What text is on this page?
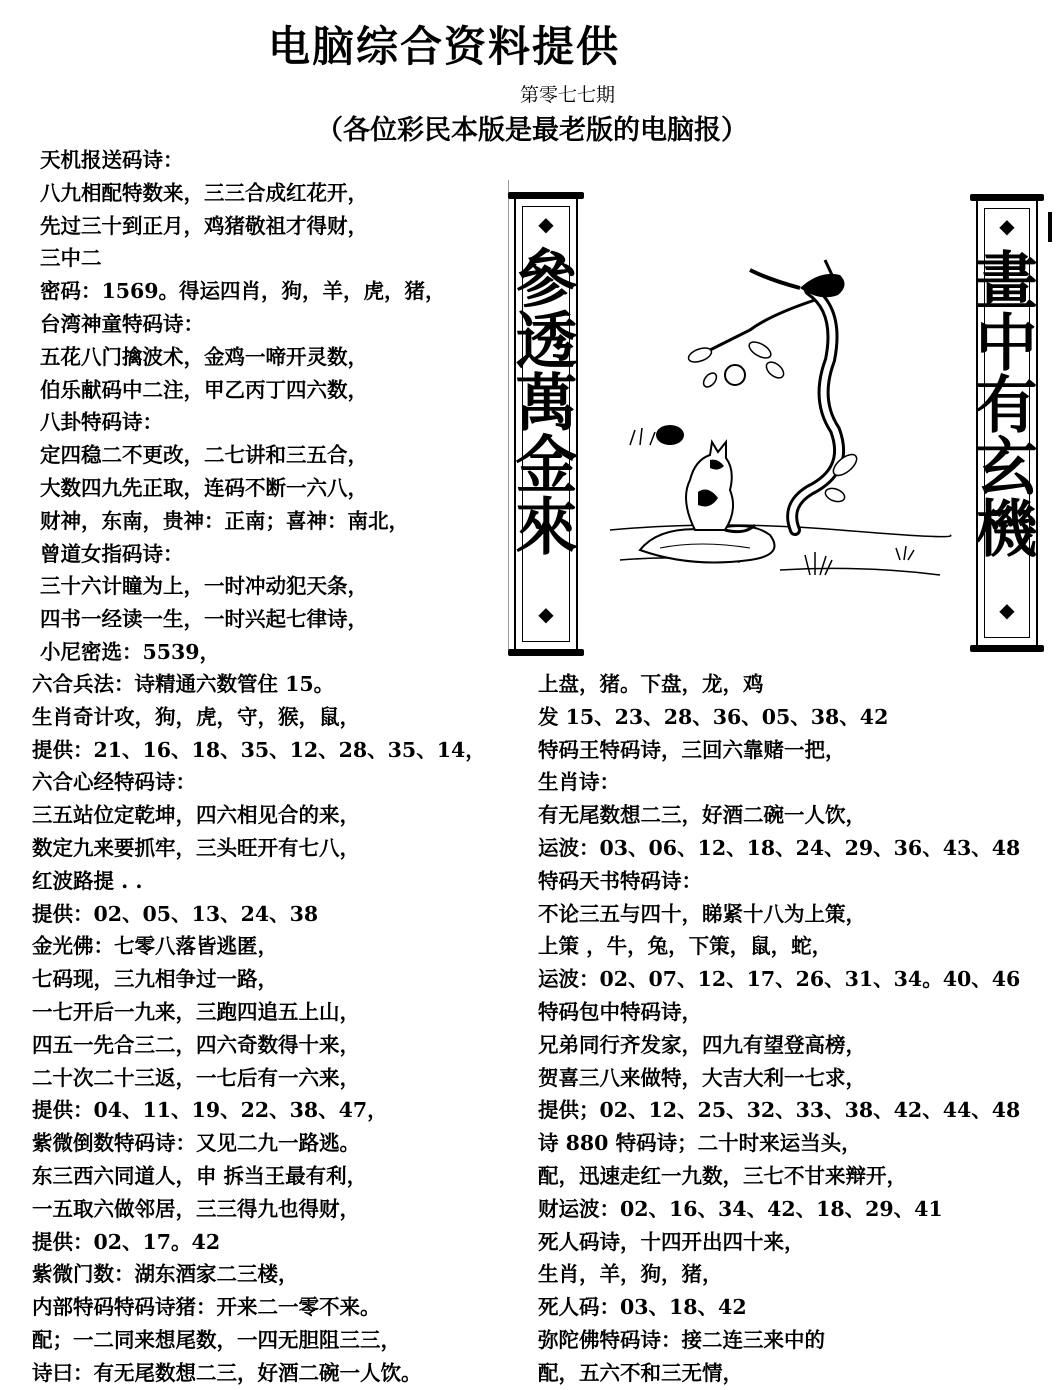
电脑综合资料提供
第零七七期
（各位彩民本版是最老版的电脑报）
天机报送码诗：
八九相配特数来，三三合成红花开，
先过三十到正月，鸡猪敬祖才得财，
三中二
密码：1569。得运四肖，狗，羊，虎，猪，
台湾神童特码诗：
五花八门擒波术，金鸡一啼开灵数，
伯乐献码中二注，甲乙丙丁四六数，
八卦特码诗：
定四稳二不更改，二七讲和三五合，
大数四九先正取，连码不断一六八，
财神，东南，贵神：正南；喜神：南北，
曾道女指码诗：
三十六计瞳为上，一时冲动犯天条，
四书一经读一生，一时兴起七律诗，
小尼密选：5539，
六合兵法：诗精通六数管住 15。
生肖奇计攻，狗，虎，守，猴，鼠，
提供：21、16、18、35、12、28、35、14，
六合心经特码诗：
三五站位定乾坤，四六相见合的来，
数定九来要抓牢，三头旺开有七八，
红波路提 . .
提供：02、05、13、24、38
金光佛：七零八落皆逃匿，
七码现，三九相争过一路，
一七开后一九来，三跑四追五上山，
四五一先合三二，四六奇数得十来，
二十次二十三返，一七后有一六来，
提供：04、11、19、22、38、47，
紫微倒数特码诗：又见二九一路逃。
东三西六同道人，申 拆当王最有利，
一五取六做邻居，三三得九也得财，
提供：02、17。42
紫微门数：湖东酒家二三楼，
内部特码特码诗猪：开来二一零不来。
配；一二同来想尾数，一四无胆阻三三，
诗曰：有无尾数想二三，好酒二碗一人饮。
上盘，猪。下盘，龙，鸡
发 15、23、28、36、05、38、42
特码王特码诗，三回六靠赌一把，
生肖诗：
有无尾数想二三，好酒二碗一人饮，
运波：03、06、12、18、24、29、36、43、48
特码天书特码诗：
不论三五与四十，睇紧十八为上策，
上策 ，牛，兔，下策，鼠，蛇，
运波：02、07、12、17、26、31、34。40、46
特码包中特码诗，
兄弟同行齐发家，四九有望登高榜，
贺喜三八来做特，大吉大利一七求，
提供；02、12、25、32、33、38、42、44、48
诗 880 特码诗；二十时来运当头，
配，迅速走红一九数，三七不甘来辩开，
财运波：02、16、34、42、18、29、41
死人码诗，十四开出四十来，
生肖，羊，狗，猪，
死人码：03、18、42
弥陀佛特码诗：接二连三来中的
配，五六不和三无情，
◆
參透萬金來
◆
◆
畫中有玄機
◆
